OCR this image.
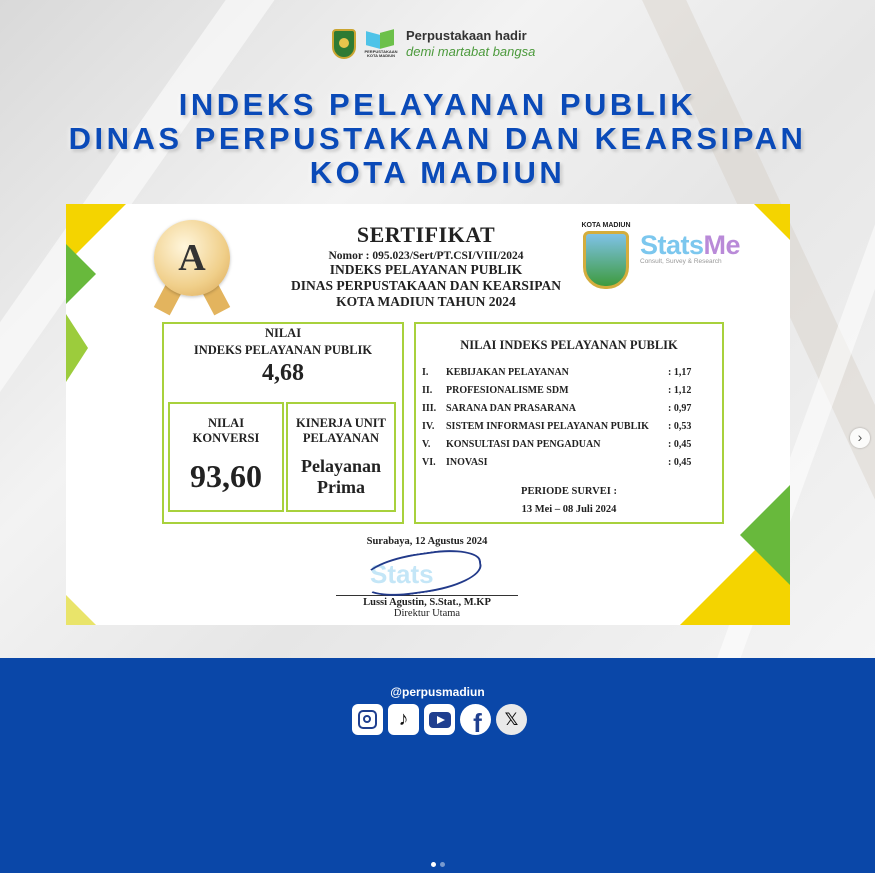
PERPUSTAKAAN KOTA MADIUN
Perpustakaan hadir
demi martabat bangsa
INDEKS PELAYANAN PUBLIK
DINAS PERPUSTAKAAN DAN KEARSIPAN
KOTA MADIUN
A
SERTIFIKAT
Nomor : 095.023/Sert/PT.CSI/VIII/2024
INDEKS PELAYANAN PUBLIK
DINAS PERPUSTAKAAN DAN KEARSIPAN
KOTA MADIUN TAHUN 2024
KOTA MADIUN
StatsMe
Consult, Survey & Research
NILAI
INDEKS PELAYANAN PUBLIK
4,68
NILAI
KONVERSI
93,60
KINERJA UNIT
PELAYANAN
Pelayanan
Prima
NILAI INDEKS PELAYANAN PUBLIK
I.	KEBIJAKAN PELAYANAN	: 1,17
II.	PROFESIONALISME SDM	: 1,12
III. SARANA DAN PRASARANA	: 0,97
IV.	SISTEM INFORMASI PELAYANAN PUBLIK	: 0,53
V.	KONSULTASI DAN PENGADUAN	: 0,45
VI.	INOVASI	: 0,45
PERIODE SURVEI :
13 Mei – 08 Juli 2024
Surabaya, 12 Agustus 2024
Stats
Lussi Agustin, S.Stat., M.KP
Direktur Utama
›
@perpusmadiun
♪ f 𝕏
